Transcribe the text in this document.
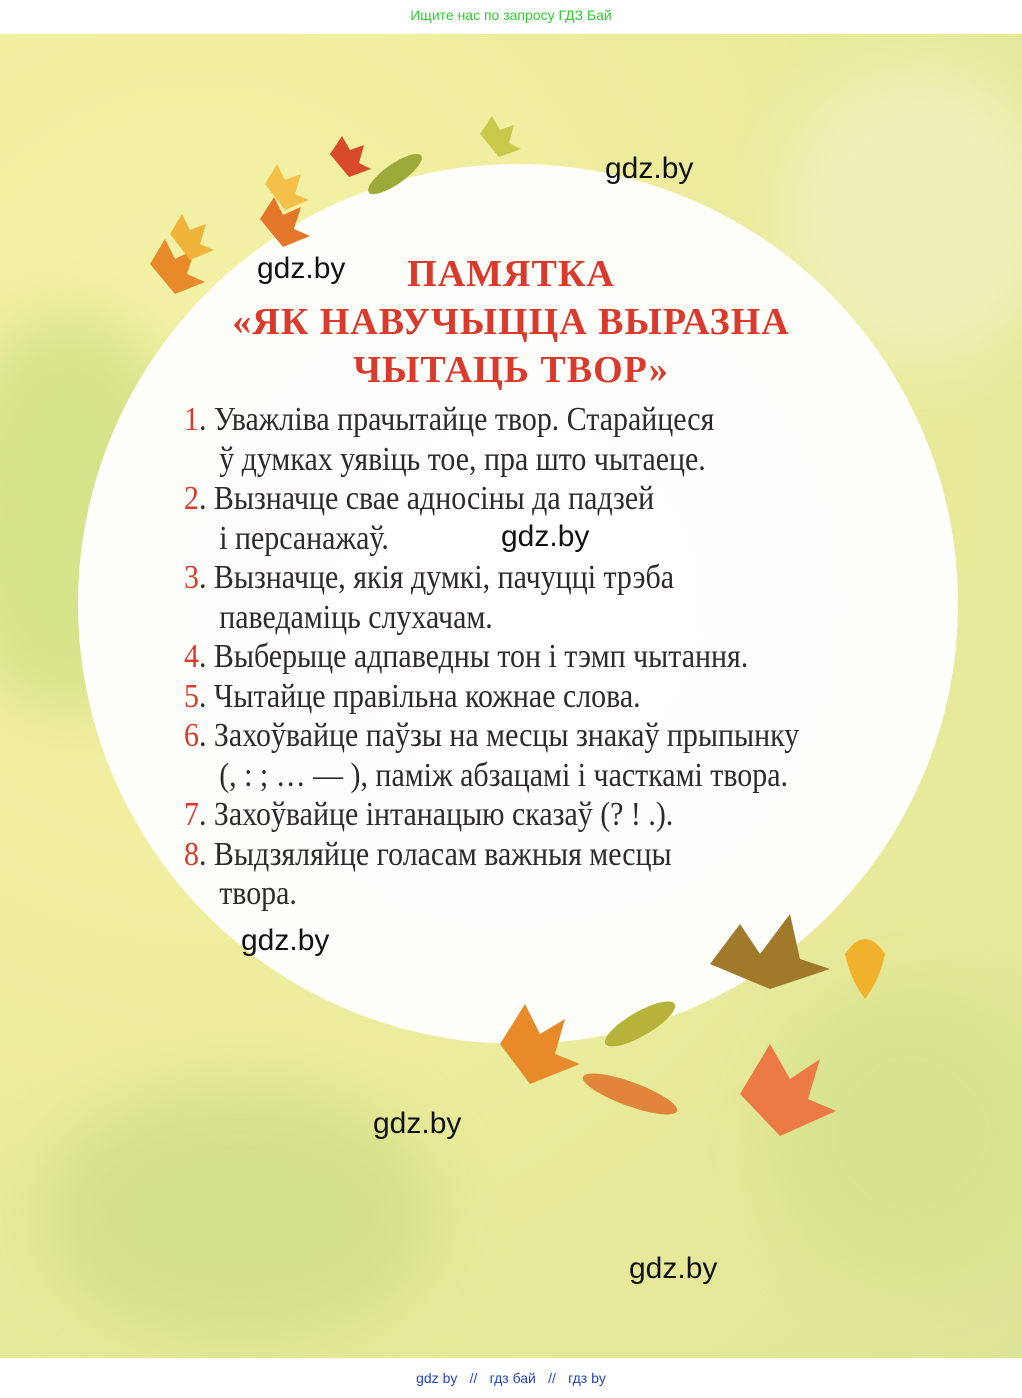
Ищите нас по запросу ГДЗ Бай
ПАМЯТКА
«ЯК НАВУЧЫЦЦА ВЫРАЗНА
ЧЫТАЦЬ ТВОР»
1. Уважліва прачытайце твор. Старайцеся
ў думках уявіць тое, пра што чытаеце.
2. Вызначце свае адносіны да падзей
і персанажаў.
3. Вызначце, якія думкі, пачуцці трэба
паведаміць слухачам.
4. Выберыце адпаведны тон і тэмп чытання.
5. Чытайце правільна кожнае слова.
6. Захоўвайце паўзы на месцы знакаў прыпынку
(, : ; … — ), паміж абзацамі і часткамі твора.
7. Захоўвайце інтанацыю сказаў (? ! .).
8. Выдзяляйце голасам важныя месцы
твора.
gdz.by
gdz.by
gdz.by
gdz.by
gdz.by
gdz.by
gdz by // гдз бай // гдз by
